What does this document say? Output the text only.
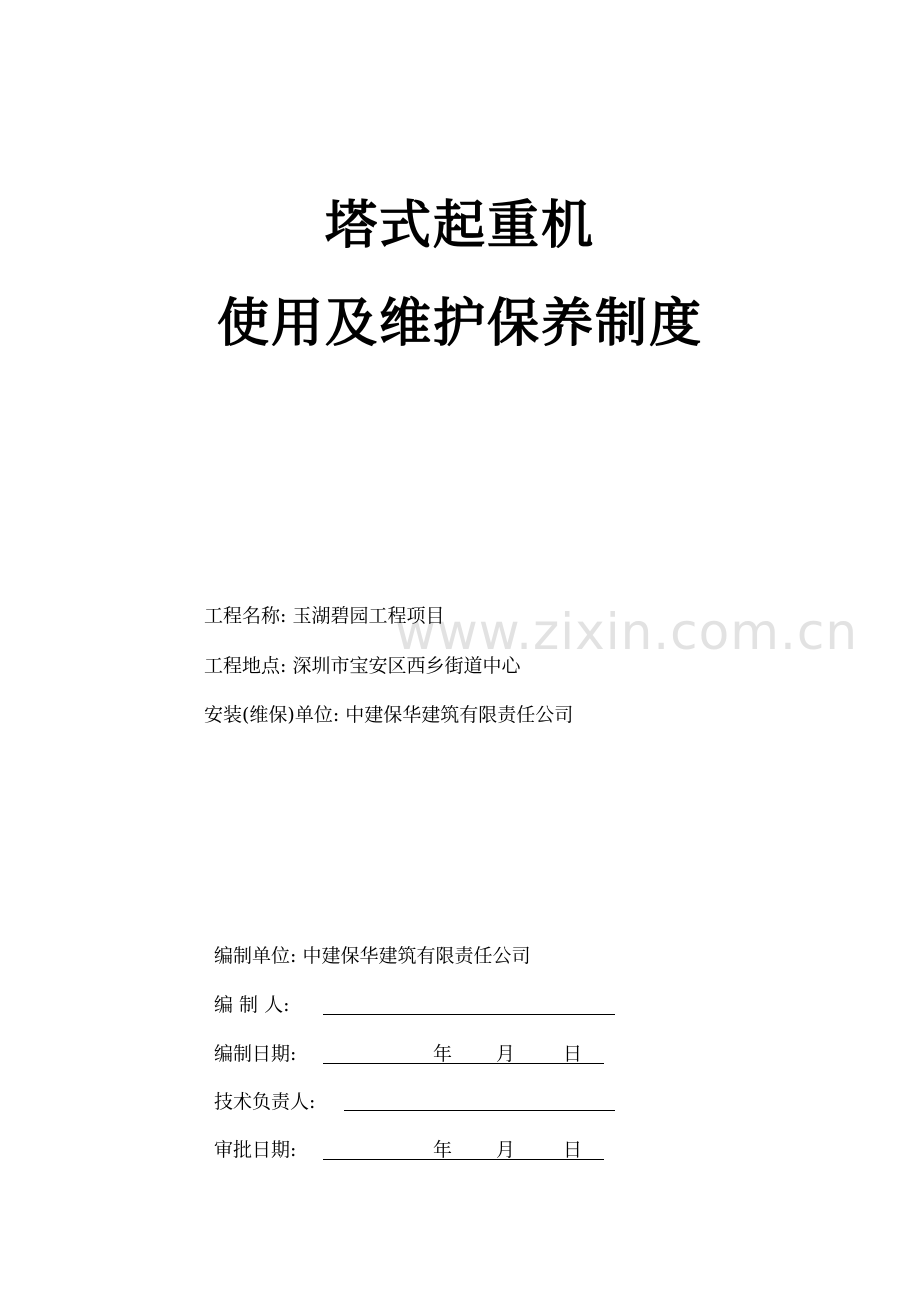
塔式起重机
使用及维护保养制度
www.zixin.com.cn
工程名称: 玉湖碧园工程项目
工程地点: 深圳市宝安区西乡街道中心
安装(维保)单位: 中建保华建筑有限责任公司
编制单位: 中建保华建筑有限责任公司
编 制 人:
编制日期:	年 月	日
技术负责人:
审批日期:	年 月	日
